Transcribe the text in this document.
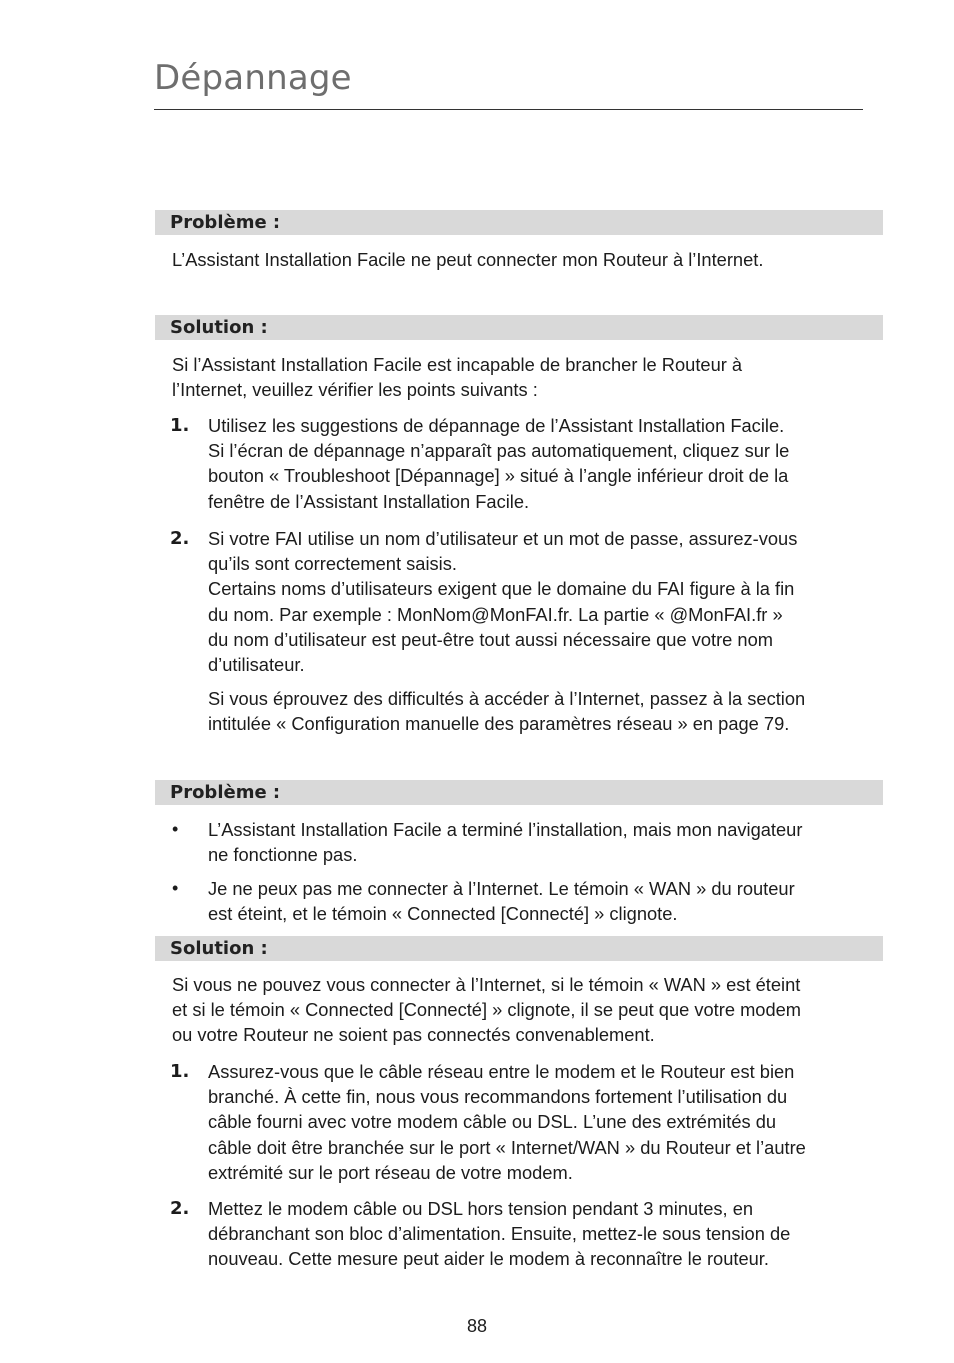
Dépannage
Problème :
L’Assistant Installation Facile ne peut connecter mon Routeur à l’Internet.
Solution :
Si l’Assistant Installation Facile est incapable de brancher le Routeur à
l’Internet, veuillez vérifier les points suivants :
1.	Utilisez les suggestions de dépannage de l’Assistant Installation Facile.
Si l’écran de dépannage n’apparaît pas automatiquement, cliquez sur le
bouton « Troubleshoot [Dépannage] » situé à l’angle inférieur droit de la
fenêtre de l’Assistant Installation Facile.
2.	Si votre FAI utilise un nom d’utilisateur et un mot de passe, assurez-vous
qu’ils sont correctement saisis.
Certains noms d’utilisateurs exigent que le domaine du FAI figure à la fin
du nom. Par exemple : MonNom@MonFAI.fr. La partie « @MonFAI.fr »
du nom d’utilisateur est peut-être tout aussi nécessaire que votre nom
d’utilisateur.
Si vous éprouvez des difficultés à accéder à l’Internet, passez à la section
intitulée « Configuration manuelle des paramètres réseau » en page 79.
Problème :
•	L’Assistant Installation Facile a terminé l’installation, mais mon navigateur
ne fonctionne pas.
•	Je ne peux pas me connecter à l’Internet. Le témoin « WAN » du routeur
est éteint, et le témoin « Connected [Connecté] » clignote.
Solution :
Si vous ne pouvez vous connecter à l’Internet, si le témoin « WAN » est éteint
et si le témoin « Connected [Connecté] » clignote, il se peut que votre modem
ou votre Routeur ne soient pas connectés convenablement.
1.	Assurez-vous que le câble réseau entre le modem et le Routeur est bien
branché. À cette fin, nous vous recommandons fortement l’utilisation du
câble fourni avec votre modem câble ou DSL. L’une des extrémités du
câble doit être branchée sur le port « Internet/WAN » du Routeur et l’autre
extrémité sur le port réseau de votre modem.
2.	Mettez le modem câble ou DSL hors tension pendant 3 minutes, en
débranchant son bloc d’alimentation. Ensuite, mettez-le sous tension de
nouveau. Cette mesure peut aider le modem à reconnaître le routeur.
88
